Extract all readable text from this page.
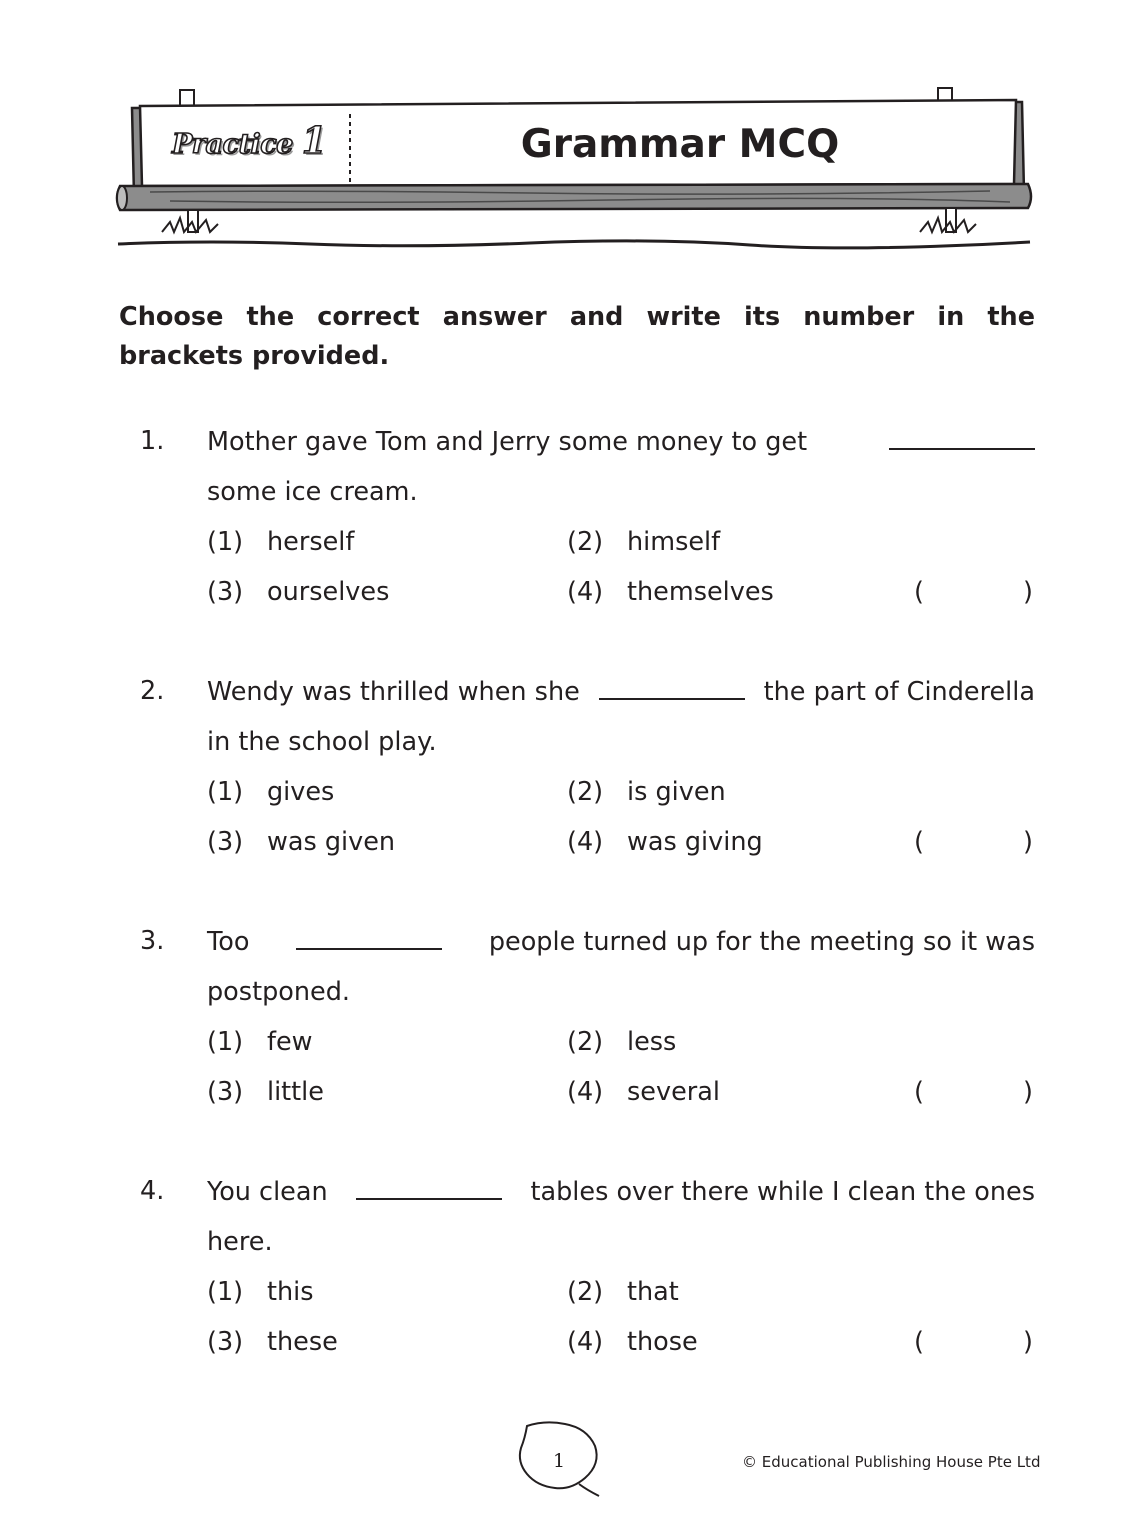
Practice 1	Grammar MCQ
Choose the correct answer and write its number in the brackets provided.
1. Mother gave Tom and Jerry some money to get
some ice cream.
(1) herself	(2) himself
(3) ourselves	(4) themselves	(	)
2. Wendy was thrilled when she	the part of Cinderella
in the school play.
(1) gives	(2) is given
(3) was given	(4) was giving	(	)
3. Too	people turned up for the meeting so it was
postponed.
(1) few	(2) less
(3) little	(4) several	(	)
4. You clean	tables over there while I clean the ones
here.
(1) this	(2) that
(3) these	(4) those	(	)
1	© Educational Publishing House Pte Ltd
